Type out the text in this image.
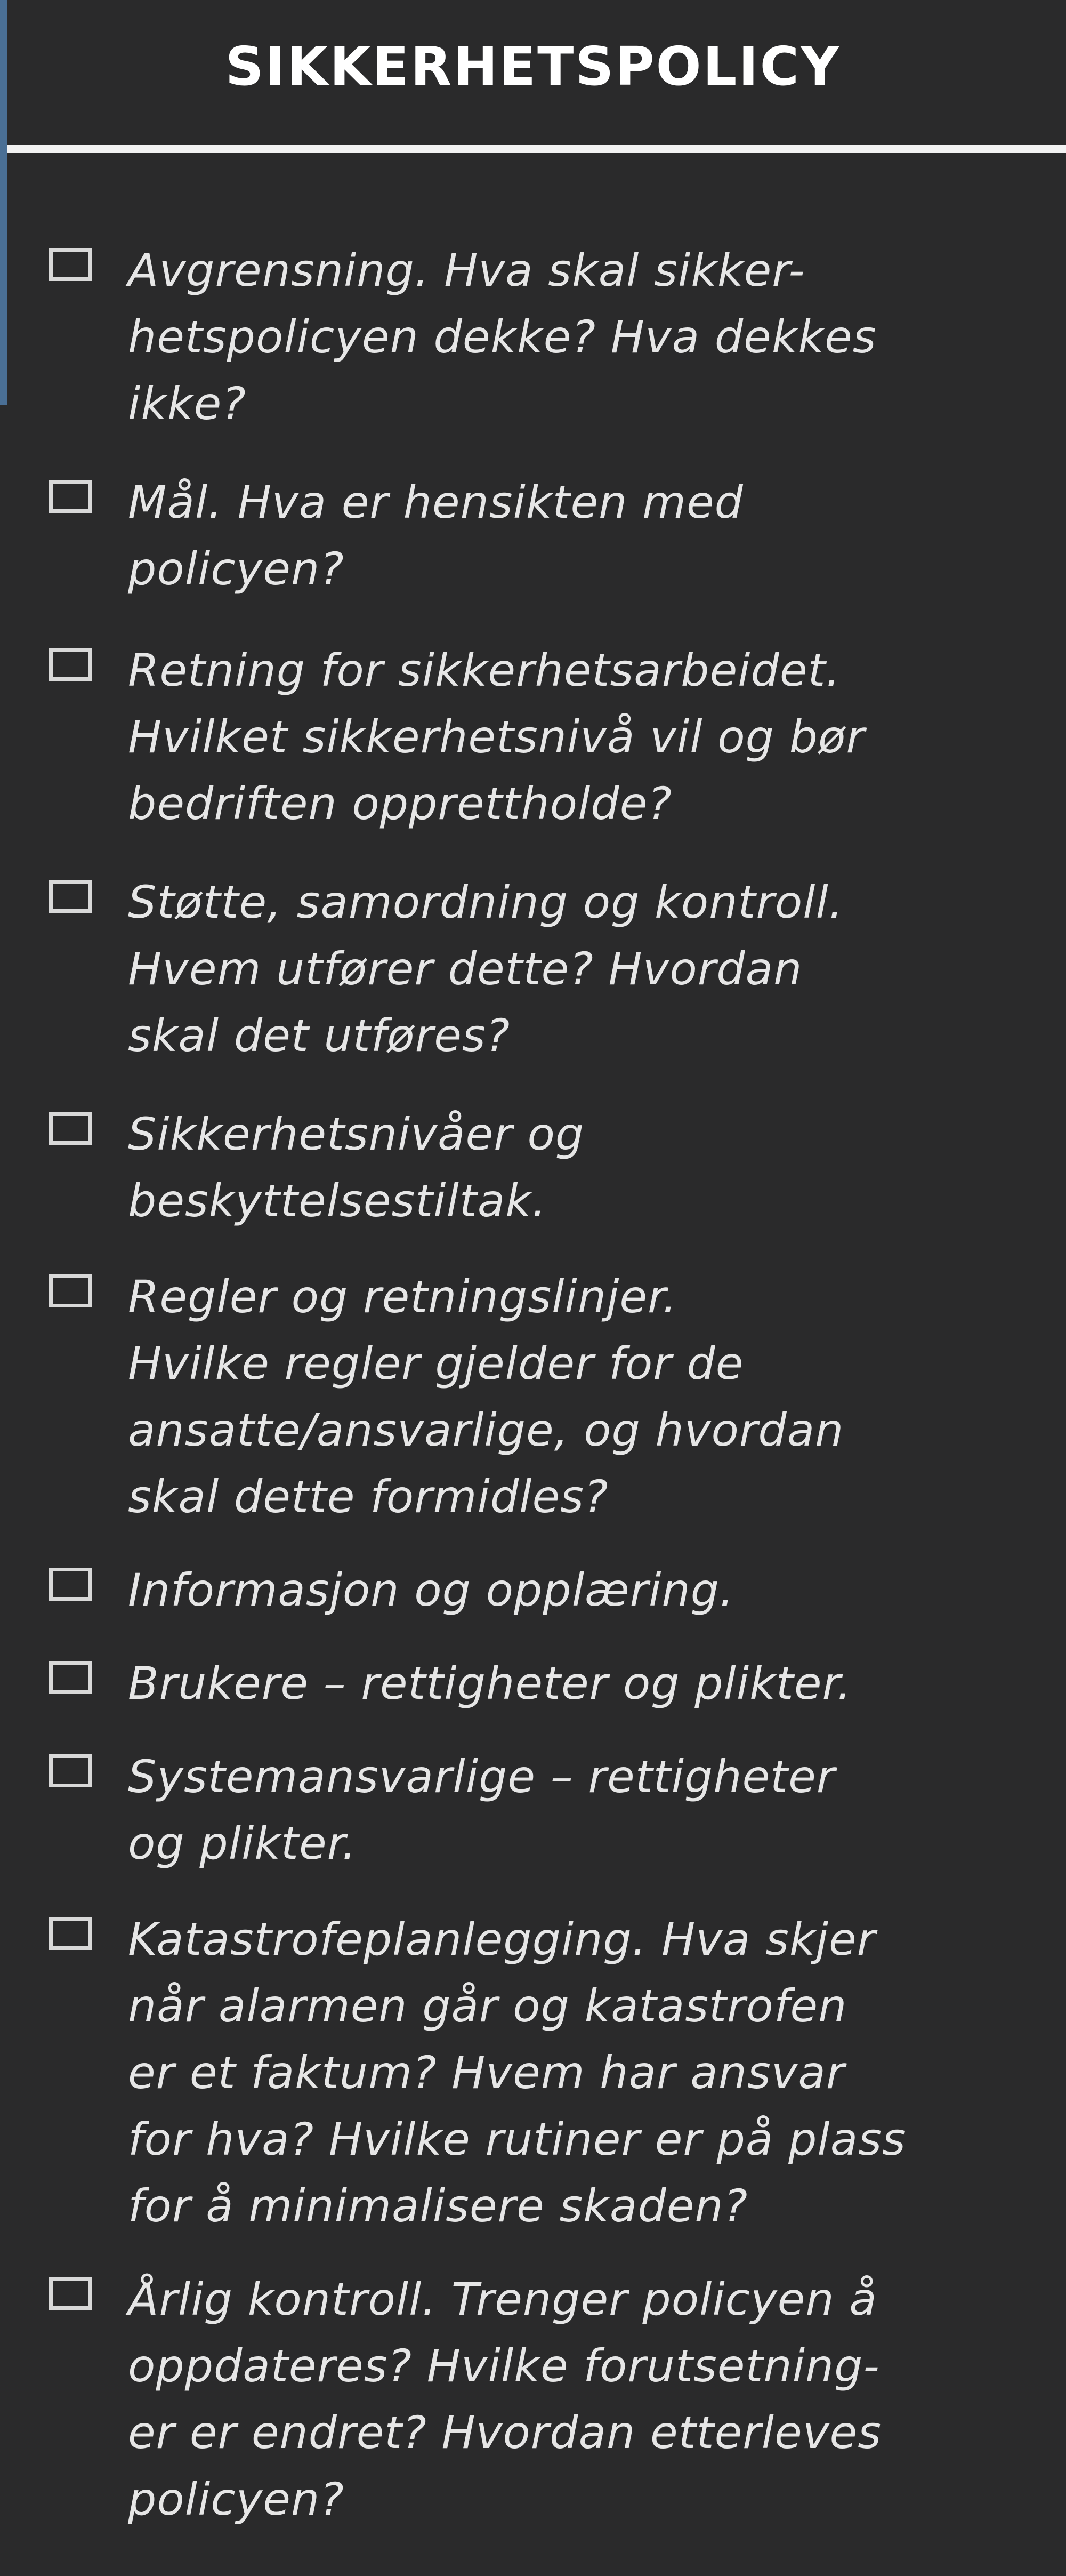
SIKKERHETSPOLICY
Avgrensning. Hva skal sikker-
hetspolicyen dekke? Hva dekkes
ikke?
Mål. Hva er hensikten med
policyen?
Retning for sikkerhetsarbeidet.
Hvilket sikkerhetsnivå vil og bør
bedriften opprettholde?
Støtte, samordning og kontroll.
Hvem utfører dette? Hvordan
skal det utføres?
Sikkerhetsnivåer og
beskyttelsestiltak.
Regler og retningslinjer.
Hvilke regler gjelder for de
ansatte/ansvarlige, og hvordan
skal dette formidles?
Informasjon og opplæring.
Brukere – rettigheter og plikter.
Systemansvarlige – rettigheter
og plikter.
Katastrofeplanlegging. Hva skjer
når alarmen går og katastrofen
er et faktum? Hvem har ansvar
for hva? Hvilke rutiner er på plass
for å minimalisere skaden?
Årlig kontroll. Trenger policyen å
oppdateres? Hvilke forutsetning-
er er endret? Hvordan etterleves
policyen?
